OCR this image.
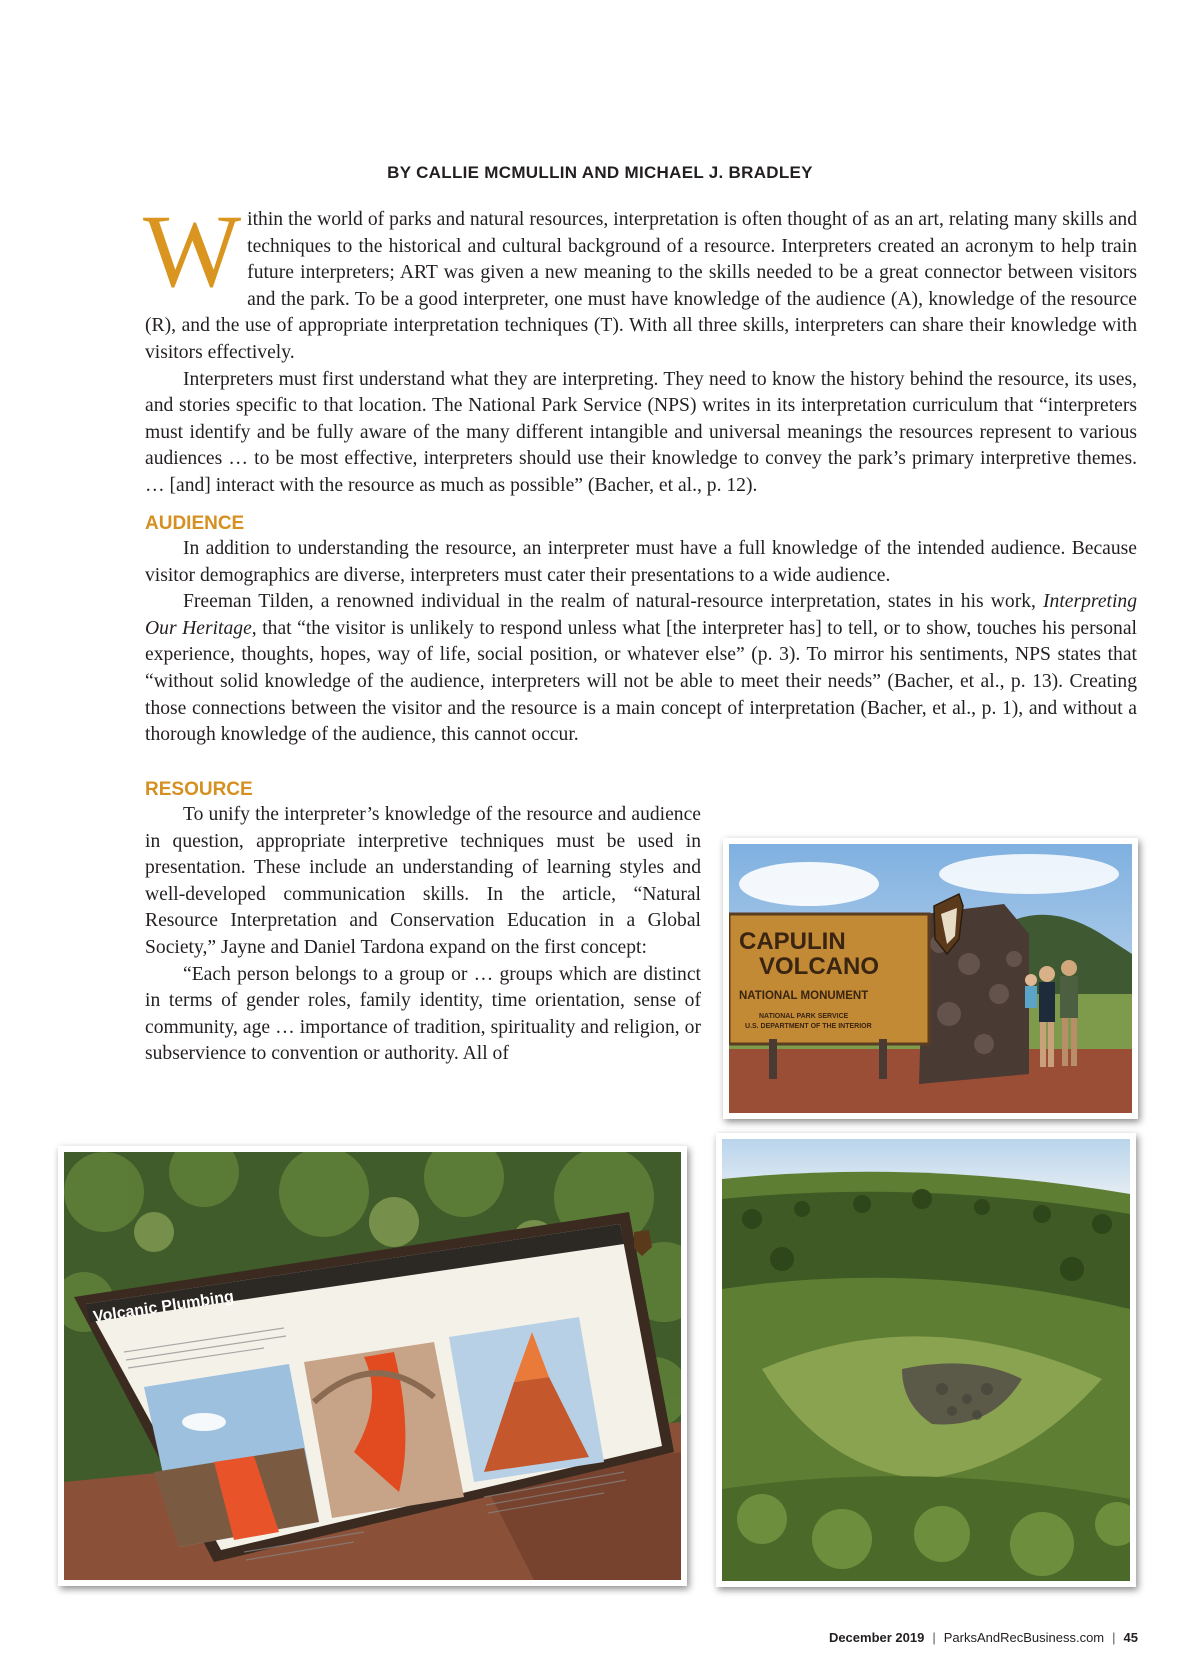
BY CALLIE MCMULLIN AND MICHAEL J. BRADLEY

Within the world of parks and natural resources, interpretation is often thought of as an art, relating many skills and techniques to the historical and cultural background of a resource. Interpreters created an acronym to help train future interpreters; ART was given a new meaning to the skills needed to be a great connector between visitors and the park. To be a good interpreter, one must have knowledge of the audience (A), knowledge of the resource (R), and the use of appropriate interpretation techniques (T). With all three skills, interpreters can share their knowledge with visitors effectively.

Interpreters must first understand what they are interpreting. They need to know the history behind the resource, its uses, and stories specific to that location. The National Park Service (NPS) writes in its interpretation curriculum that “interpreters must identify and be fully aware of the many different intangible and universal meanings the resources represent to various audiences … to be most effective, interpreters should use their knowledge to convey the park’s primary interpretive themes. … [and] interact with the resource as much as possible” (Bacher, et al., p. 12).

AUDIENCE

In addition to understanding the resource, an interpreter must have a full knowledge of the intended audience. Because visitor demographics are diverse, interpreters must cater their presentations to a wide audience.

Freeman Tilden, a renowned individual in the realm of natural-resource interpretation, states in his work, Interpreting Our Heritage, that “the visitor is unlikely to respond unless what [the interpreter has] to tell, or to show, touches his personal experience, thoughts, hopes, way of life, social position, or whatever else” (p. 3). To mirror his sentiments, NPS states that “without solid knowledge of the audience, interpreters will not be able to meet their needs” (Bacher, et al., p. 13). Creating those connections between the visitor and the resource is a main concept of interpretation (Bacher, et al., p. 1), and without a thorough knowledge of the audience, this cannot occur.

RESOURCE

To unify the interpreter’s knowledge of the resource and audience in question, appropriate interpretive techniques must be used in presentation. These include an understanding of learning styles and well-developed communication skills. In the article, “Natural Resource Interpretation and Conservation Education in a Global Society,” Jayne and Daniel Tardona expand on the first concept:

“Each person belongs to a group or … groups which are distinct in terms of gender roles, family identity, time orientation, sense of community, age … importance of tradition, spirituality and religion, or subservience to convention or authority. All of

CAPULIN
VOLCANO
NATIONAL MONUMENT
NATIONAL PARK SERVICE
U.S. DEPARTMENT OF THE INTERIOR
Volcanic Plumbing
December 2019 | ParksAndRecBusiness.com | 45
